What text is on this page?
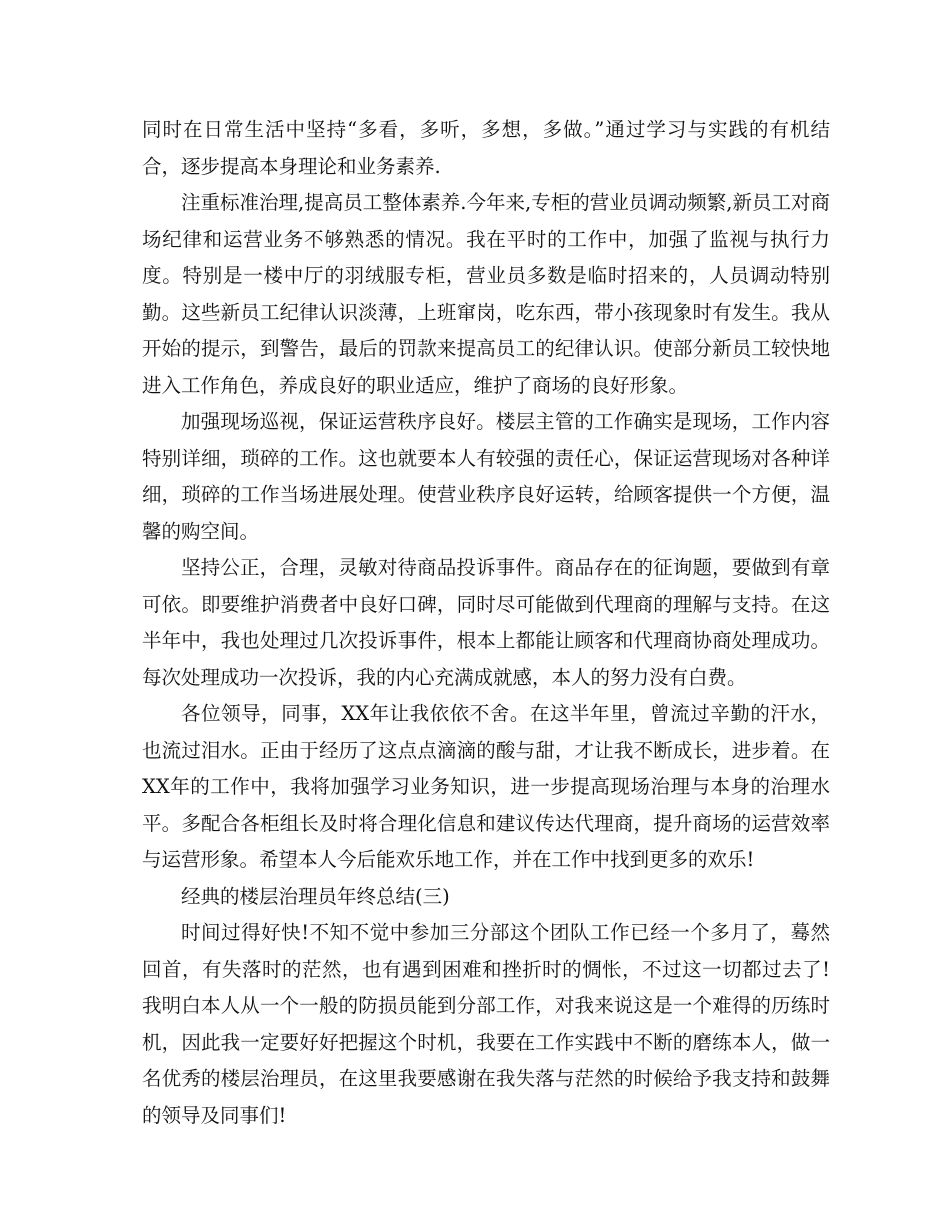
同时在日常生活中坚持“多看，多听，多想，多做。”通过学习与实践的有机结合，逐步提高本身理论和业务素养.

注重标准治理,提高员工整体素养.今年来,专柜的营业员调动频繁,新员工对商场纪律和运营业务不够熟悉的情况。我在平时的工作中，加强了监视与执行力度。特别是一楼中厅的羽绒服专柜，营业员多数是临时招来的，人员调动特别勤。这些新员工纪律认识淡薄，上班窜岗，吃东西，带小孩现象时有发生。我从开始的提示，到警告，最后的罚款来提高员工的纪律认识。使部分新员工较快地进入工作角色，养成良好的职业适应，维护了商场的良好形象。

加强现场巡视，保证运营秩序良好。楼层主管的工作确实是现场，工作内容特别详细，琐碎的工作。这也就要本人有较强的责任心，保证运营现场对各种详细，琐碎的工作当场进展处理。使营业秩序良好运转，给顾客提供一个方便，温馨的购空间。

坚持公正，合理，灵敏对待商品投诉事件。商品存在的征询题，要做到有章可依。即要维护消费者中良好口碑，同时尽可能做到代理商的理解与支持。在这半年中，我也处理过几次投诉事件，根本上都能让顾客和代理商协商处理成功。每次处理成功一次投诉，我的内心充满成就感，本人的努力没有白费。

各位领导，同事，XX年让我依依不舍。在这半年里，曾流过辛勤的汗水，也流过泪水。正由于经历了这点点滴滴的酸与甜，才让我不断成长，进步着。在XX年的工作中，我将加强学习业务知识，进一步提高现场治理与本身的治理水平。多配合各柜组长及时将合理化信息和建议传达代理商，提升商场的运营效率与运营形象。希望本人今后能欢乐地工作，并在工作中找到更多的欢乐!

经典的楼层治理员年终总结(三)

时间过得好快!不知不觉中参加三分部这个团队工作已经一个多月了，蓦然回首，有失落时的茫然，也有遇到困难和挫折时的惆怅，不过这一切都过去了!我明白本人从一个一般的防损员能到分部工作，对我来说这是一个难得的历练时机，因此我一定要好好把握这个时机，我要在工作实践中不断的磨练本人，做一名优秀的楼层治理员，在这里我要感谢在我失落与茫然的时候给予我支持和鼓舞的领导及同事们!
